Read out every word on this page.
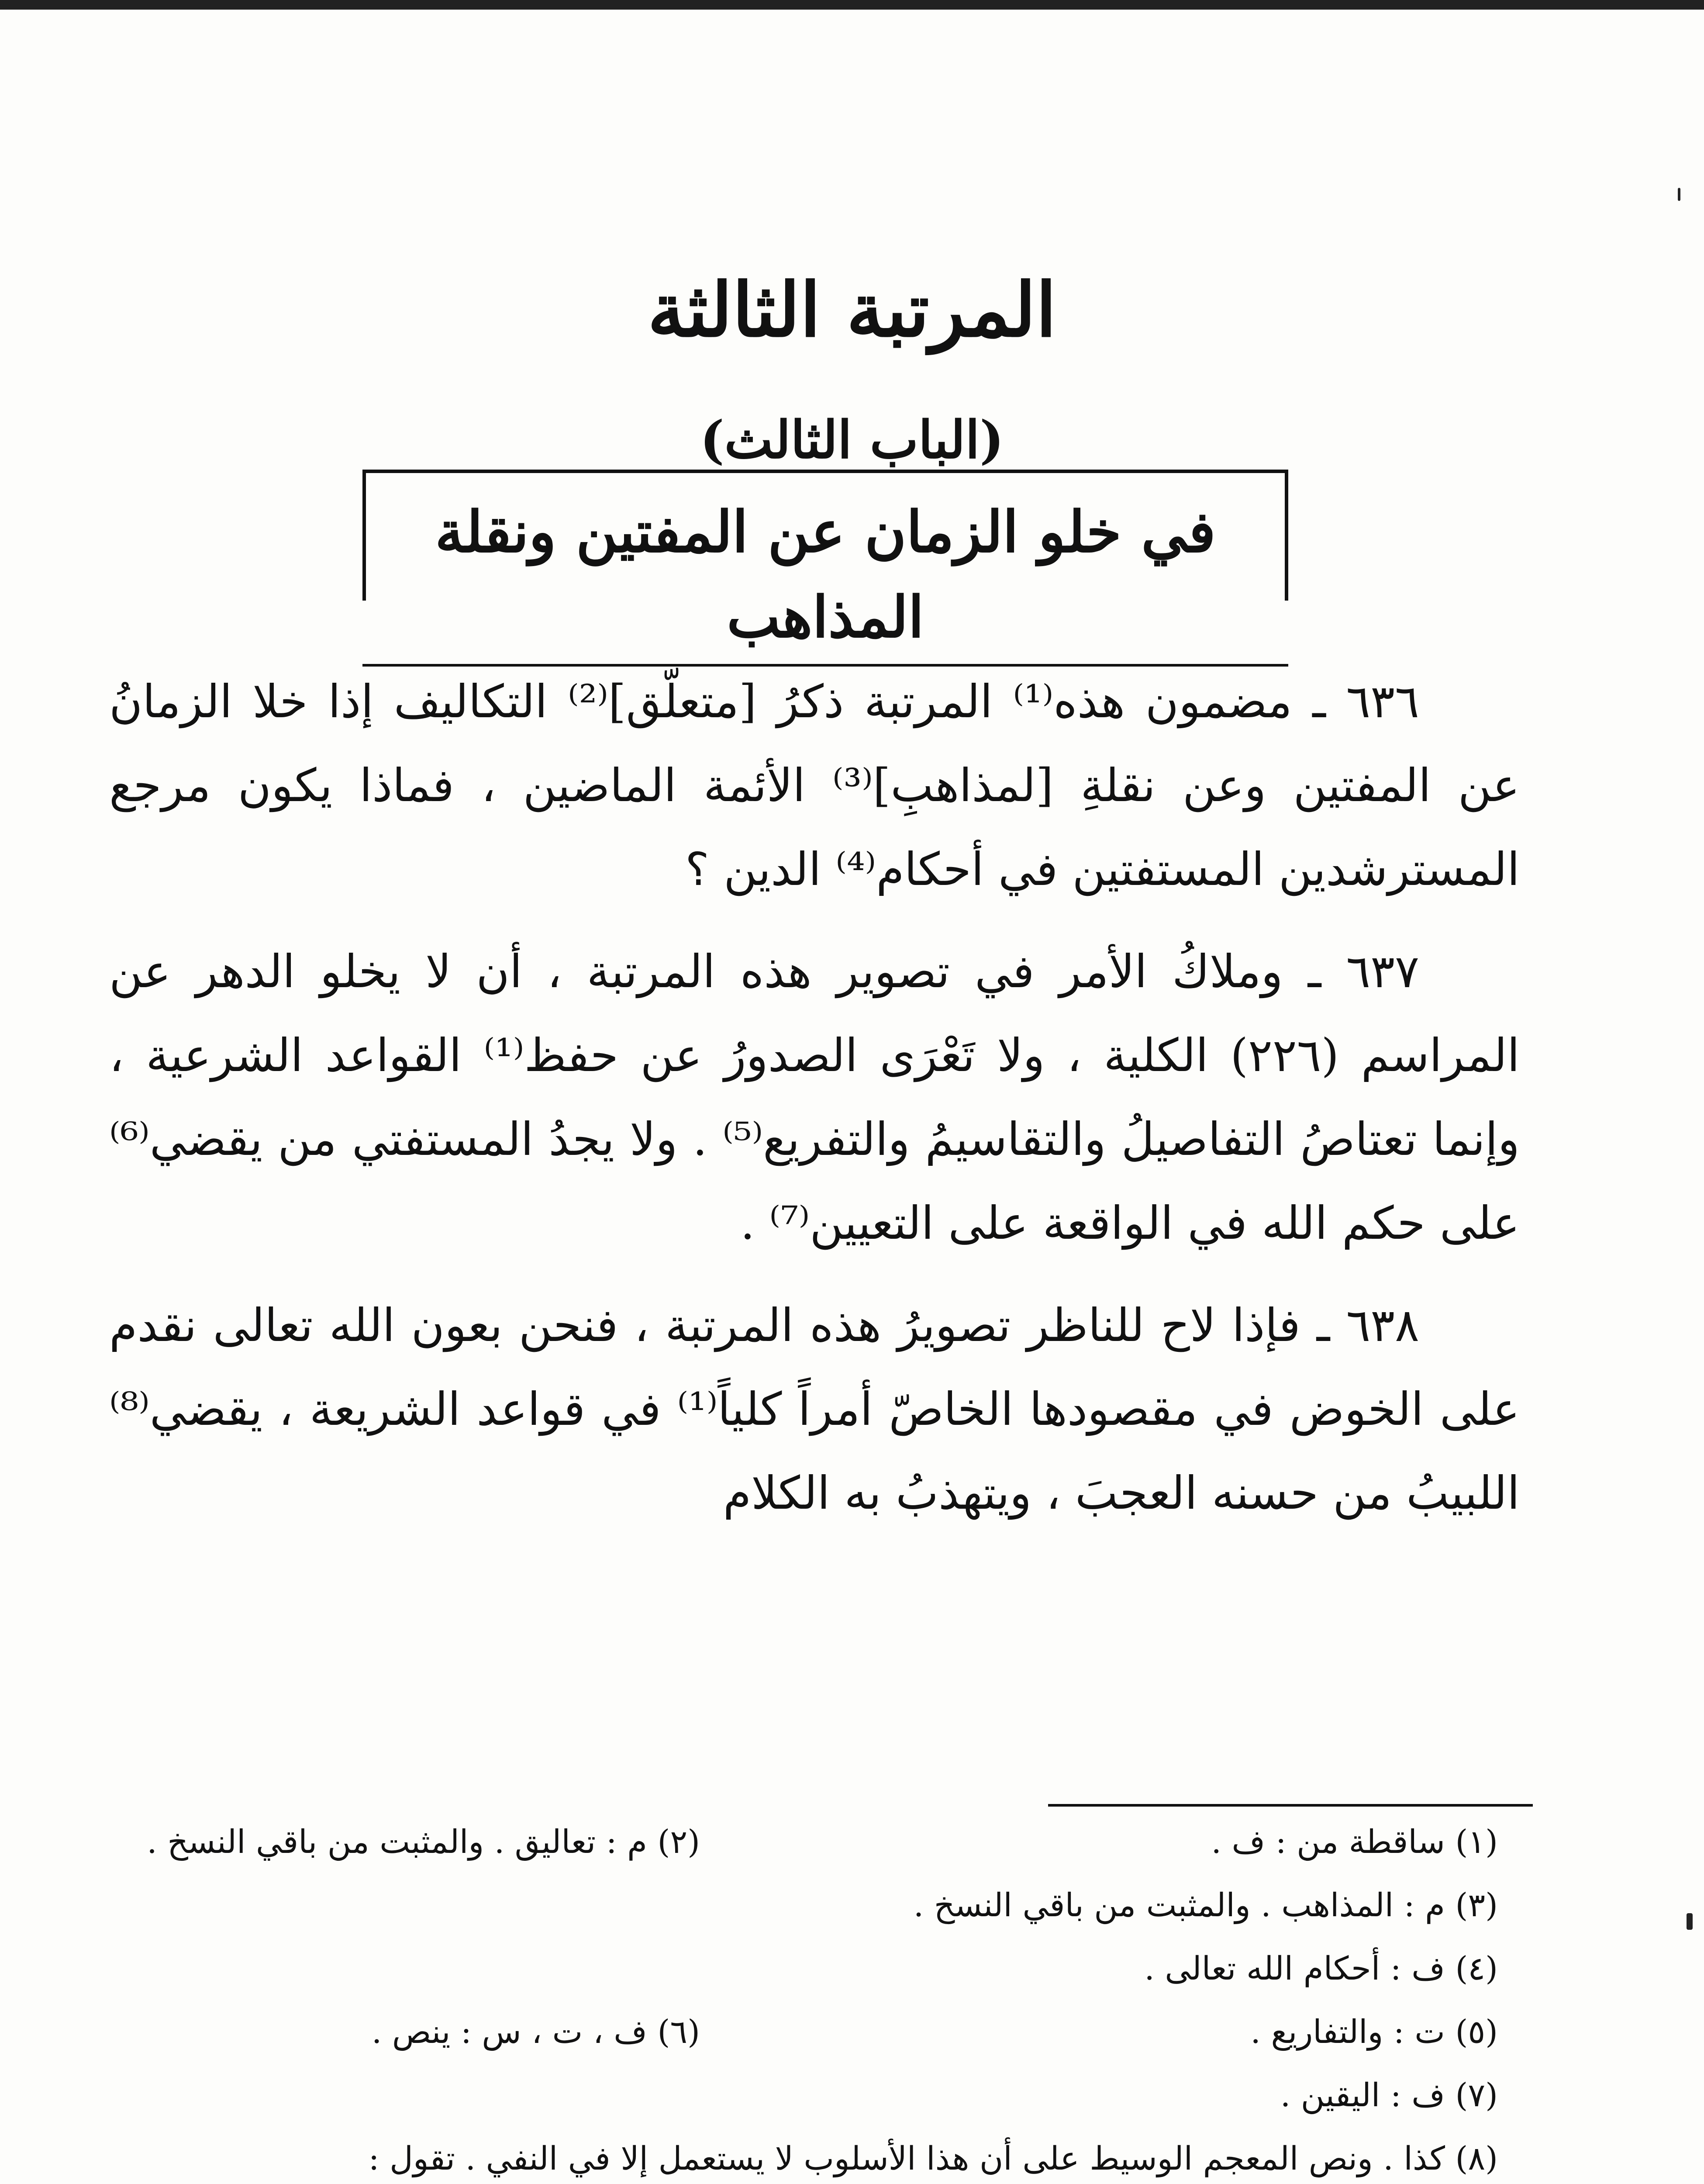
المرتبة الثالثة
(الباب الثالث)
في خلو الزمان عن المفتين ونقلة المذاهب

٦٣٦ ـ مضمون هذه⁽¹⁾ المرتبة ذكرُ [متعلّق]⁽²⁾ التكاليف إذا خلا الزمانُ عن المفتين وعن نقلةِ [لمذاهبِ]⁽³⁾ الأئمة الماضين ، فماذا يكون مرجع المسترشدين المستفتين في أحكام⁽⁴⁾ الدين ؟

٦٣٧ ـ وملاكُ الأمر في تصوير هذه المرتبة ، أن لا يخلو الدهر عن المراسم (٢٢٦) الكلية ، ولا تَعْرَى الصدورُ عن حفظ⁽¹⁾ القواعد الشرعية ، وإنما تعتاصُ التفاصيلُ والتقاسيمُ والتفريع⁽⁵⁾ . ولا يجدُ المستفتي من يقضي⁽⁶⁾ على حكم الله في الواقعة على التعيين⁽⁷⁾ .

٦٣٨ ـ فإذا لاح للناظر تصويرُ هذه المرتبة ، فنحن بعون الله تعالى نقدم على الخوض في مقصودها الخاصّ أمراً كلياً⁽¹⁾ في قواعد الشريعة ، يقضي⁽⁸⁾ اللبيبُ من حسنه العجبَ ، ويتهذبُ به الكلام

(١) ساقطة من : ف .
(٢) م : تعاليق . والمثبت من باقي النسخ .
(٣) م : المذاهب . والمثبت من باقي النسخ .
(٤) ف : أحكام الله تعالى .
(٥) ت : والتفاريع .
(٦) ف ، ت ، س : ينص .
(٧) ف : اليقين .
(٨) كذا . ونص المعجم الوسيط على أن هذا الأسلوب لا يستعمل إلا في النفي . تقول :
